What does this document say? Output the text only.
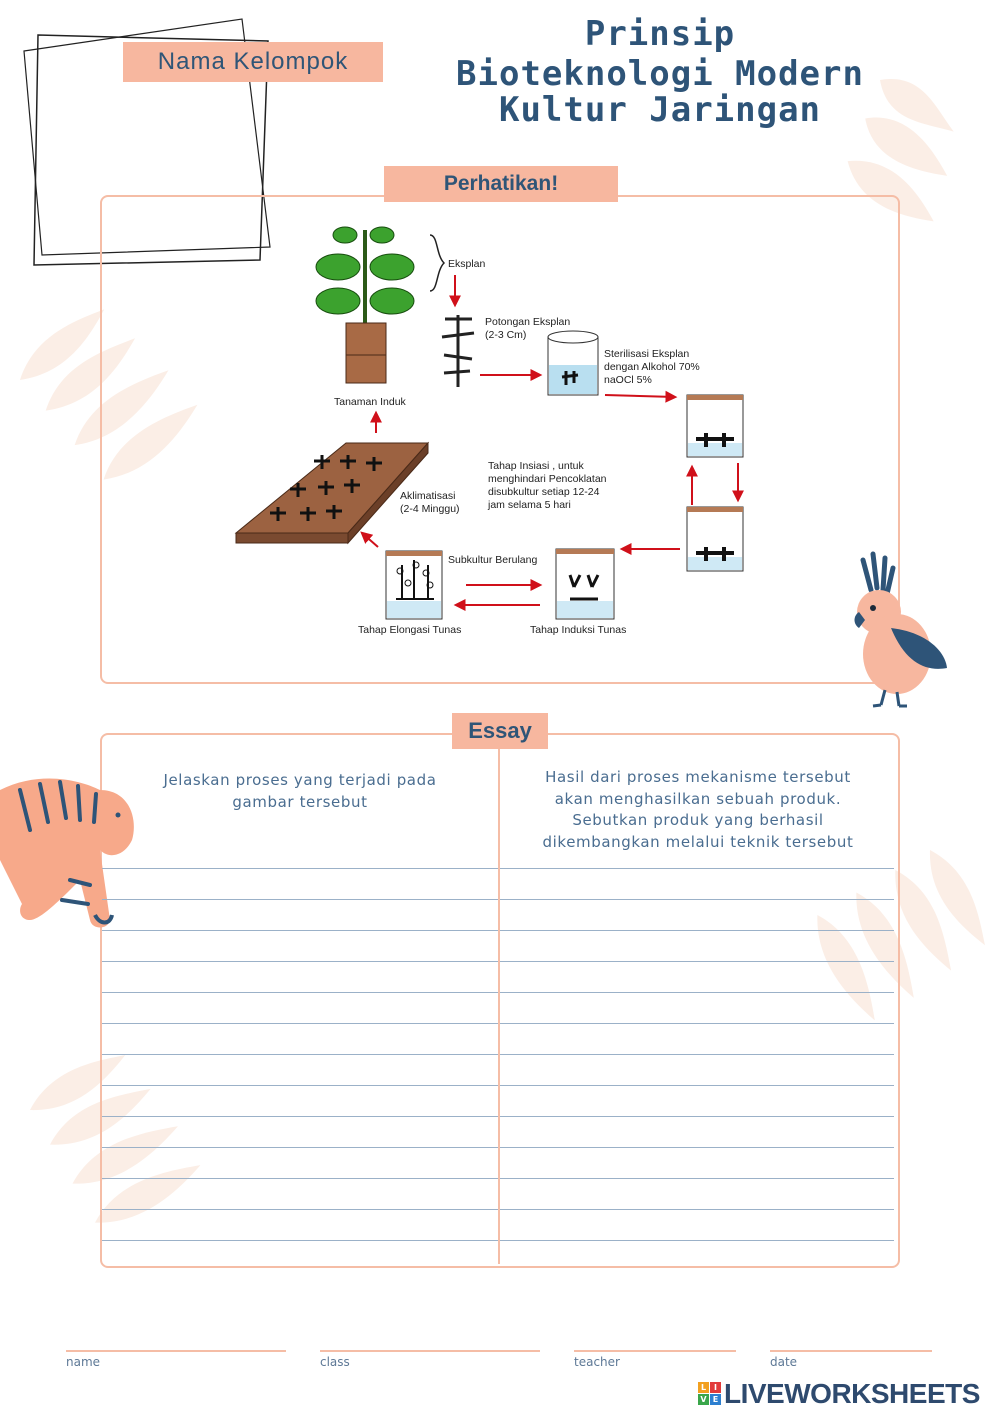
Nama Kelompok
Prinsip
Bioteknologi Modern
Kultur Jaringan
Perhatikan!
Eksplan
Potongan Eksplan
(2-3 Cm)
Sterilisasi Eksplan
dengan Alkohol 70%
naOCl 5%
Tahap Insiasi , untuk
menghindari Pencoklatan
disubkultur setiap 12-24
jam selama 5 hari
Tahap Induksi Tunas
Subkultur Berulang
Tahap Elongasi Tunas
Aklimatisasi
(2-4 Minggu)
Tanaman Induk
Essay
Jelaskan proses yang terjadi pada
gambar tersebut
Hasil dari proses mekanisme tersebut
akan menghasilkan sebuah produk.
Sebutkan produk yang berhasil
dikembangkan melalui teknik tersebut
name	class	teacher	date
L I
V E LIVEWORKSHEETS
